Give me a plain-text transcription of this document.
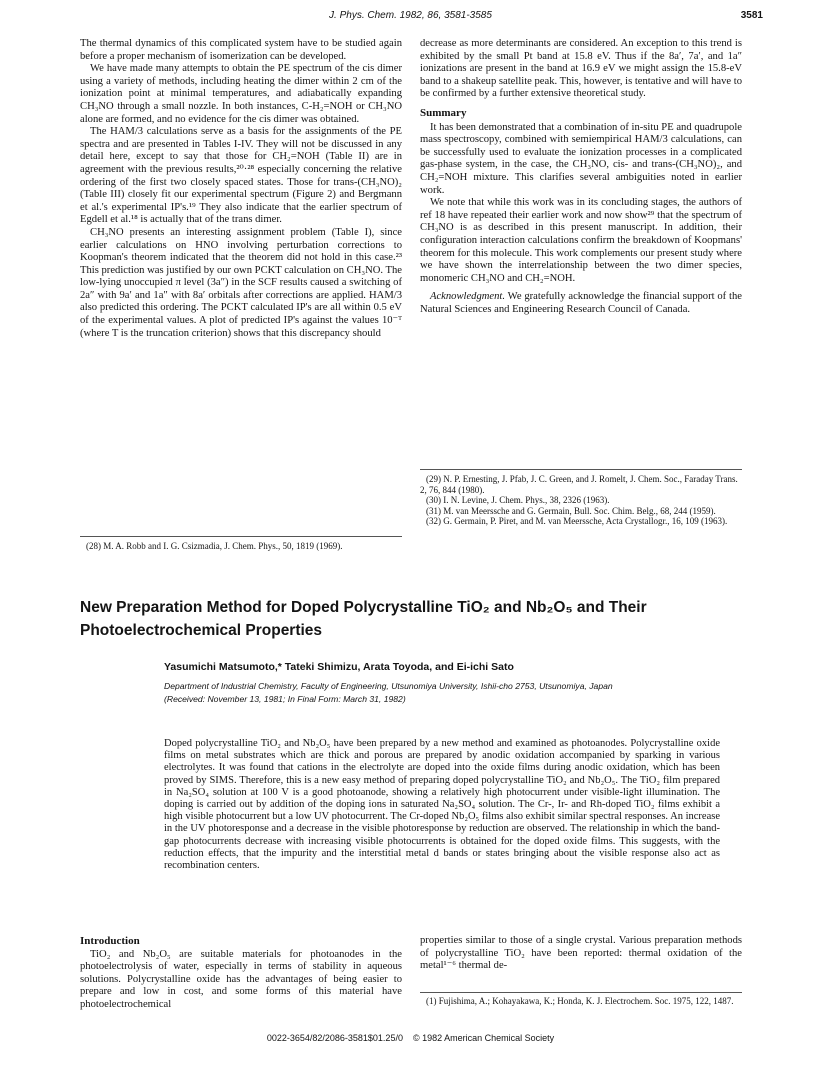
J. Phys. Chem. 1982, 86, 3581-3585	3581

The thermal dynamics of this complicated system have to be studied again before a proper mechanism of isomerization can be developed.

We have made many attempts to obtain the PE spectrum of the cis dimer using a variety of methods, including heating the dimer within 2 cm of the ionization point at minimal temperatures, and adiabatically expanding CH₃NO through a small nozzle. In both instances, C-H₂=NOH or CH₃NO alone are formed, and no evidence for the cis dimer was obtained.

The HAM/3 calculations serve as a basis for the assignments of the PE spectra and are presented in Tables I-IV. They will not be discussed in any detail here, except to say that those for CH₂=NOH (Table II) are in agreement with the previous results,²⁰·²⁸ especially concerning the relative ordering of the first two closely spaced states. Those for trans-(CH₃NO)₂ (Table III) closely fit our experimental spectrum (Figure 2) and Bergmann et al.'s experimental IP's.¹⁹ They also indicate that the earlier spectrum of Egdell et al.¹⁸ is actually that of the trans dimer.

CH₃NO presents an interesting assignment problem (Table I), since earlier calculations on HNO involving perturbation corrections to Koopman's theorem indicated that the theorem did not hold in this case.²³ This prediction was justified by our own PCKT calculation on CH₃NO. The low-lying unoccupied π level (3a″) in the SCF results caused a switching of 2a″ with 9a′ and 1a″ with 8a′ orbitals after corrections are applied. HAM/3 also predicted this ordering. The PCKT calculated IP's are all within 0.5 eV of the experimental values. A plot of predicted IP's against the values 10⁻ᵀ (where T is the truncation criterion) shows that this discrepancy should

(28) M. A. Robb and I. G. Csizmadia, J. Chem. Phys., 50, 1819 (1969).

decrease as more determinants are considered. An exception to this trend is exhibited by the small Pt band at 15.8 eV. Thus if the 8a′, 7a′, and 1a″ ionizations are present in the band at 16.9 eV we might assign the 15.8-eV band to a shakeup satellite peak. This, however, is tentative and will have to be confirmed by a further extensive theoretical study.

Summary

It has been demonstrated that a combination of in-situ PE and quadrupole mass spectroscopy, combined with semiempirical HAM/3 calculations, can be successfully used to evaluate the ionization processes in a complicated gas-phase system, in the case, the CH₃NO, cis- and trans-(CH₃NO)₂, and CH₂=NOH mixture. This clarifies several ambiguities noted in earlier work.

We note that while this work was in its concluding stages, the authors of ref 18 have repeated their earlier work and now show²⁹ that the spectrum of CH₃NO is as described in this present manuscript. In addition, their configuration interaction calculations confirm the breakdown of Koopmans' theorem for this molecule. This work complements our present study where we have shown the interrelationship between the two dimer species, monomeric CH₃NO and CH₂=NOH.

Acknowledgment. We gratefully acknowledge the financial support of the Natural Sciences and Engineering Research Council of Canada.

(29) N. P. Ernesting, J. Pfab, J. C. Green, and J. Romelt, J. Chem. Soc., Faraday Trans. 2, 76, 844 (1980).
(30) I. N. Levine, J. Chem. Phys., 38, 2326 (1963).
(31) M. van Meerssche and G. Germain, Bull. Soc. Chim. Belg., 68, 244 (1959).
(32) G. Germain, P. Piret, and M. van Meerssche, Acta Crystallogr., 16, 109 (1963).
New Preparation Method for Doped Polycrystalline TiO₂ and Nb₂O₅ and Their Photoelectrochemical Properties
Yasumichi Matsumoto,* Tateki Shimizu, Arata Toyoda, and Ei-ichi Sato
Department of Industrial Chemistry, Faculty of Engineering, Utsunomiya University, Ishii-cho 2753, Utsunomiya, Japan
(Received: November 13, 1981; In Final Form: March 31, 1982)
Doped polycrystalline TiO₂ and Nb₂O₅ have been prepared by a new method and examined as photoanodes. Polycrystalline oxide films on metal substrates which are thick and porous are prepared by anodic oxidation accompanied by sparking in various electrolytes. It was found that cations in the electrolyte are doped into the oxide films during anodic oxidation, which has been proved by SIMS. Therefore, this is a new easy method of preparing doped polycrystalline TiO₂ and Nb₂O₅. The TiO₂ film prepared in Na₂SO₄ solution at 100 V is a good photoanode, showing a relatively high photocurrent under visible-light illumination. The doping is carried out by addition of the doping ions in saturated Na₂SO₄ solution. The Cr-, Ir- and Rh-doped TiO₂ films exhibit a high visible photocurrent but a low UV photocurrent. The Cr-doped Nb₂O₅ films also exhibit similar spectral responses. An increase in the UV photoresponse and a decrease in the visible photoresponse by reduction are observed. The relationship in which the band-gap photocurrents decrease with increasing visible photocurrents is obtained for the doped oxide films. This suggests, with the reduction effects, that the impurity and the interstitial metal d bands or states bringing about the visible response also act as recombination centers.
Introduction

TiO₂ and Nb₂O₅ are suitable materials for photoanodes in the photoelectrolysis of water, especially in terms of stability in aqueous solutions. Polycrystalline oxide has the advantages of being easier to prepare and low in cost, and some forms of this material have photoelectrochemical

properties similar to those of a single crystal. Various preparation methods of polycrystalline TiO₂ have been reported: thermal oxidation of the metal¹⁻⁶ thermal de-
(1) Fujishima, A.; Kohayakawa, K.; Honda, K. J. Electrochem. Soc. 1975, 122, 1487.
0022-3654/82/2086-3581$01.25/0 © 1982 American Chemical Society
